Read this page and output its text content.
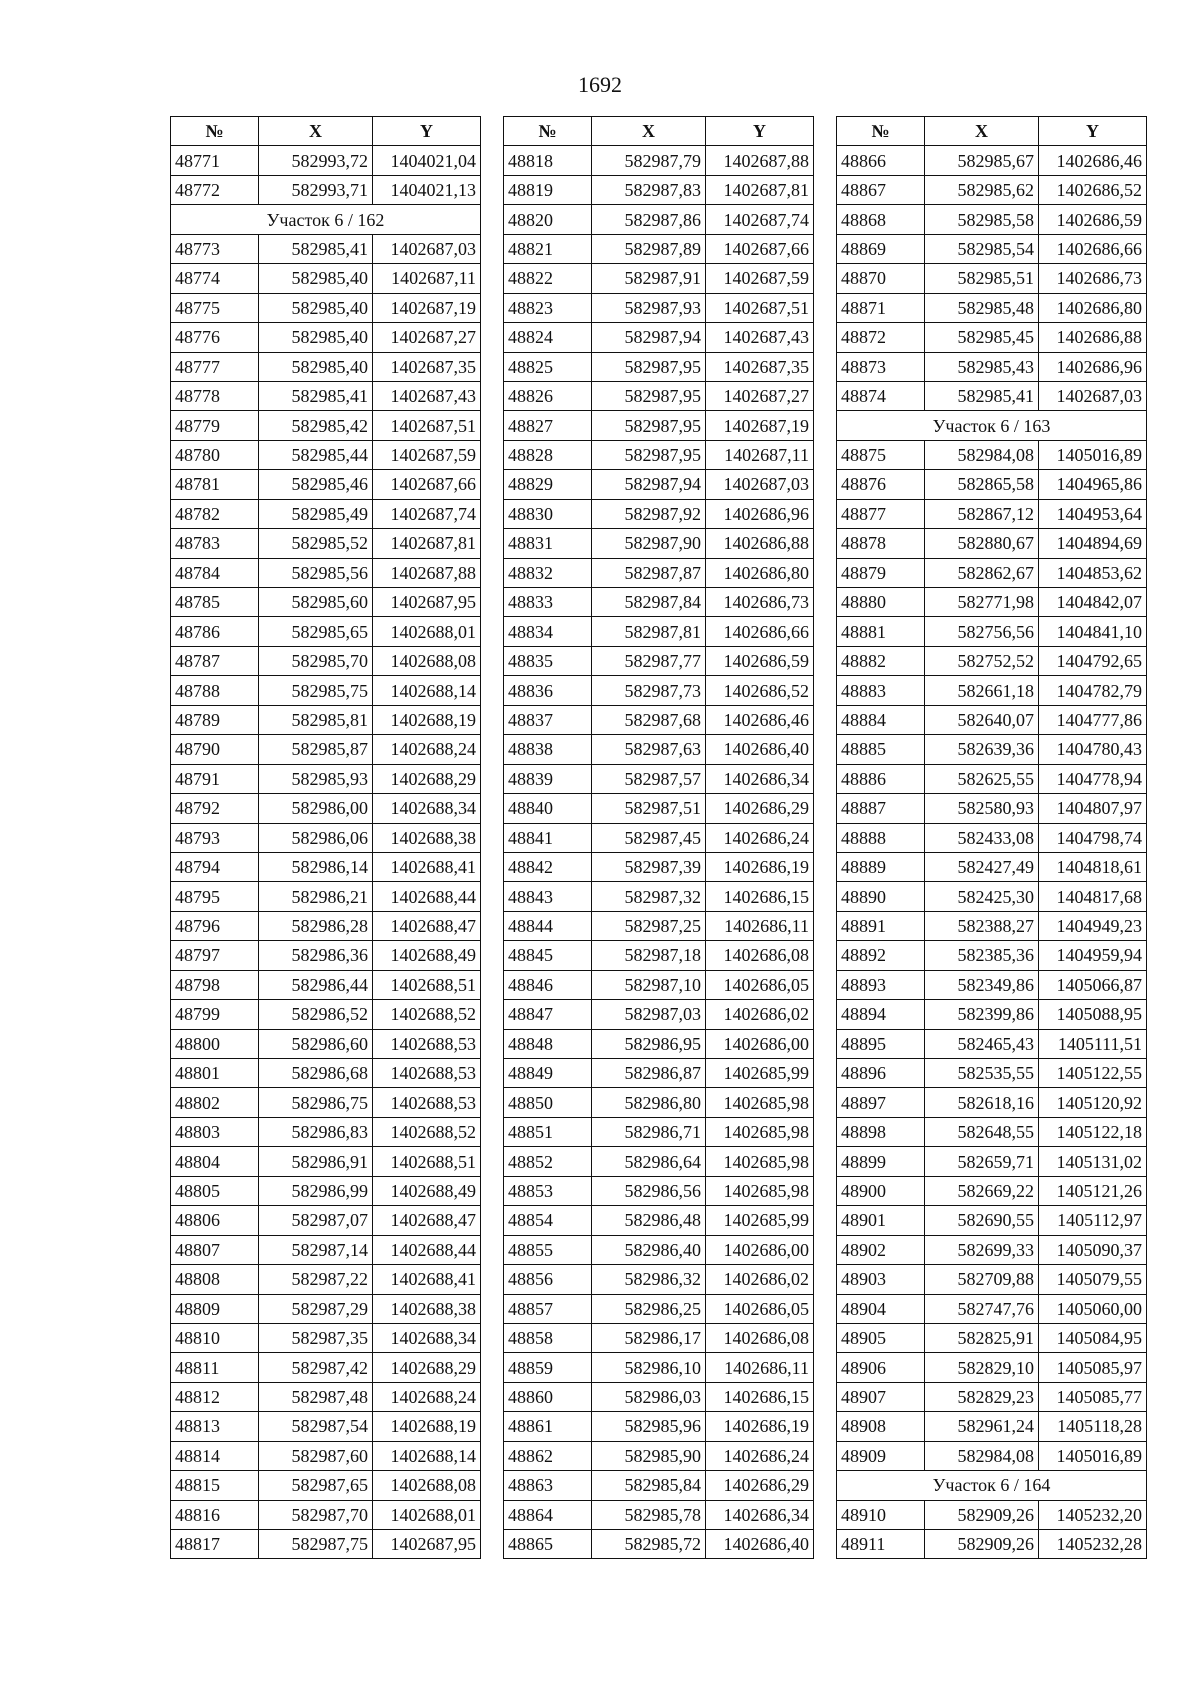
1692
№	X	Y
48771	582993,72	1404021,04
48772	582993,71	1404021,13
Участок 6 / 162		
48773	582985,41	1402687,03
48774	582985,40	1402687,11
48775	582985,40	1402687,19
48776	582985,40	1402687,27
48777	582985,40	1402687,35
48778	582985,41	1402687,43
48779	582985,42	1402687,51
48780	582985,44	1402687,59
48781	582985,46	1402687,66
48782	582985,49	1402687,74
48783	582985,52	1402687,81
48784	582985,56	1402687,88
48785	582985,60	1402687,95
48786	582985,65	1402688,01
48787	582985,70	1402688,08
48788	582985,75	1402688,14
48789	582985,81	1402688,19
48790	582985,87	1402688,24
48791	582985,93	1402688,29
48792	582986,00	1402688,34
48793	582986,06	1402688,38
48794	582986,14	1402688,41
48795	582986,21	1402688,44
48796	582986,28	1402688,47
48797	582986,36	1402688,49
48798	582986,44	1402688,51
48799	582986,52	1402688,52
48800	582986,60	1402688,53
48801	582986,68	1402688,53
48802	582986,75	1402688,53
48803	582986,83	1402688,52
48804	582986,91	1402688,51
48805	582986,99	1402688,49
48806	582987,07	1402688,47
48807	582987,14	1402688,44
48808	582987,22	1402688,41
48809	582987,29	1402688,38
48810	582987,35	1402688,34
48811	582987,42	1402688,29
48812	582987,48	1402688,24
48813	582987,54	1402688,19
48814	582987,60	1402688,14
48815	582987,65	1402688,08
48816	582987,70	1402688,01
48817	582987,75	1402687,95
№	X	Y
48818	582987,79	1402687,88
48819	582987,83	1402687,81
48820	582987,86	1402687,74
48821	582987,89	1402687,66
48822	582987,91	1402687,59
48823	582987,93	1402687,51
48824	582987,94	1402687,43
48825	582987,95	1402687,35
48826	582987,95	1402687,27
48827	582987,95	1402687,19
48828	582987,95	1402687,11
48829	582987,94	1402687,03
48830	582987,92	1402686,96
48831	582987,90	1402686,88
48832	582987,87	1402686,80
48833	582987,84	1402686,73
48834	582987,81	1402686,66
48835	582987,77	1402686,59
48836	582987,73	1402686,52
48837	582987,68	1402686,46
48838	582987,63	1402686,40
48839	582987,57	1402686,34
48840	582987,51	1402686,29
48841	582987,45	1402686,24
48842	582987,39	1402686,19
48843	582987,32	1402686,15
48844	582987,25	1402686,11
48845	582987,18	1402686,08
48846	582987,10	1402686,05
48847	582987,03	1402686,02
48848	582986,95	1402686,00
48849	582986,87	1402685,99
48850	582986,80	1402685,98
48851	582986,71	1402685,98
48852	582986,64	1402685,98
48853	582986,56	1402685,98
48854	582986,48	1402685,99
48855	582986,40	1402686,00
48856	582986,32	1402686,02
48857	582986,25	1402686,05
48858	582986,17	1402686,08
48859	582986,10	1402686,11
48860	582986,03	1402686,15
48861	582985,96	1402686,19
48862	582985,90	1402686,24
48863	582985,84	1402686,29
48864	582985,78	1402686,34
48865	582985,72	1402686,40
№	X	Y
48866	582985,67	1402686,46
48867	582985,62	1402686,52
48868	582985,58	1402686,59
48869	582985,54	1402686,66
48870	582985,51	1402686,73
48871	582985,48	1402686,80
48872	582985,45	1402686,88
48873	582985,43	1402686,96
48874	582985,41	1402687,03
Участок 6 / 163		
48875	582984,08	1405016,89
48876	582865,58	1404965,86
48877	582867,12	1404953,64
48878	582880,67	1404894,69
48879	582862,67	1404853,62
48880	582771,98	1404842,07
48881	582756,56	1404841,10
48882	582752,52	1404792,65
48883	582661,18	1404782,79
48884	582640,07	1404777,86
48885	582639,36	1404780,43
48886	582625,55	1404778,94
48887	582580,93	1404807,97
48888	582433,08	1404798,74
48889	582427,49	1404818,61
48890	582425,30	1404817,68
48891	582388,27	1404949,23
48892	582385,36	1404959,94
48893	582349,86	1405066,87
48894	582399,86	1405088,95
48895	582465,43	1405111,51
48896	582535,55	1405122,55
48897	582618,16	1405120,92
48898	582648,55	1405122,18
48899	582659,71	1405131,02
48900	582669,22	1405121,26
48901	582690,55	1405112,97
48902	582699,33	1405090,37
48903	582709,88	1405079,55
48904	582747,76	1405060,00
48905	582825,91	1405084,95
48906	582829,10	1405085,97
48907	582829,23	1405085,77
48908	582961,24	1405118,28
48909	582984,08	1405016,89
Участок 6 / 164		
48910	582909,26	1405232,20
48911	582909,26	1405232,28
